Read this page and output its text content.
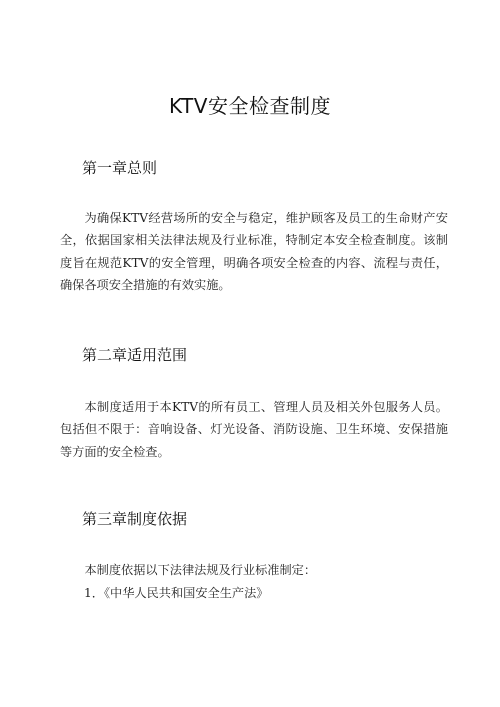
KTV安全检查制度
第一章总则

为确保KTV经营场所的安全与稳定，维护顾客及员工的生命财产安全，依据国家相关法律法规及行业标准，特制定本安全检查制度。该制度旨在规范KTV的安全管理，明确各项安全检查的内容、流程与责任，确保各项安全措施的有效实施。

第二章适用范围

本制度适用于本KTV的所有员工、管理人员及相关外包服务人员。包括但不限于：音响设备、灯光设备、消防设施、卫生环境、安保措施等方面的安全检查。

第三章制度依据

本制度依据以下法律法规及行业标准制定：

1．《中华人民共和国安全生产法》
